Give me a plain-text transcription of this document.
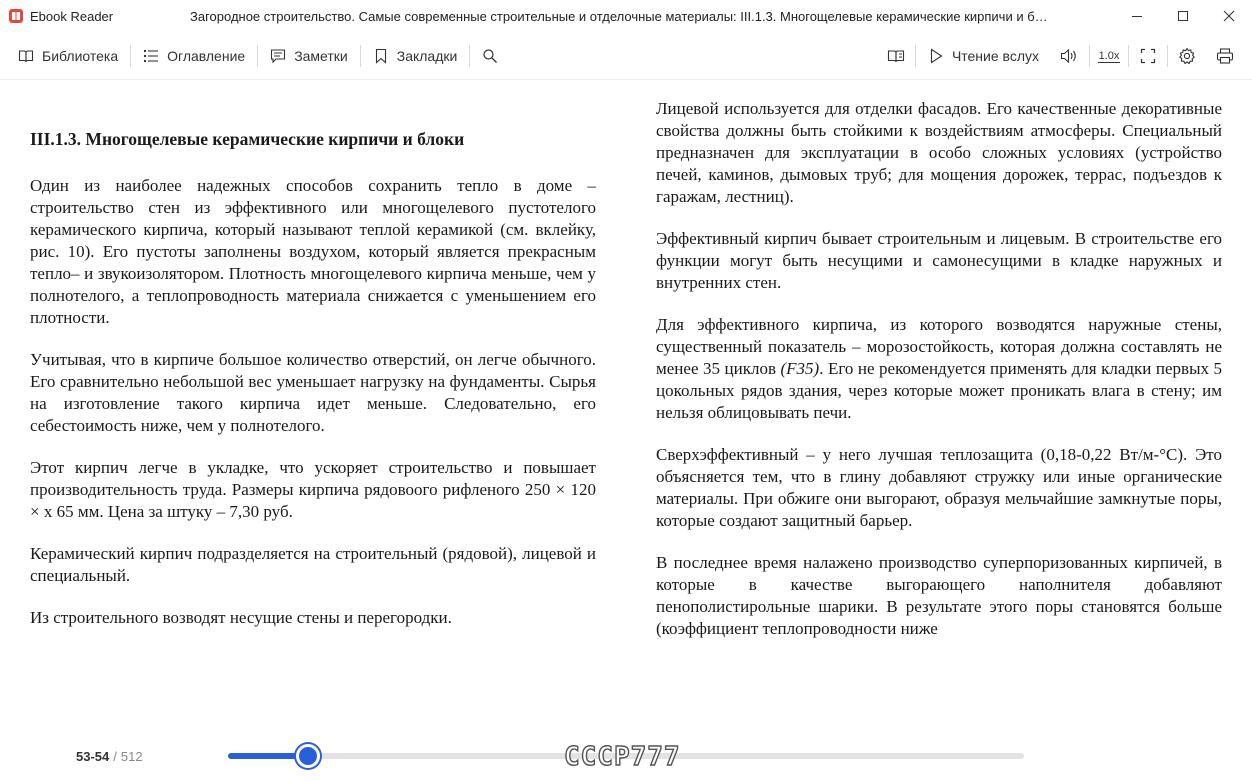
Ebook Reader	Загородное строительство. Самые современные строительные и отделочные материалы: III.1.3. Многощелевые керамические кирпичи и б…
Библиотека	Оглавление	Заметки	Закладки	Чтение вслух	1.0x
III.1.3. Многощелевые керамические кирпичи и блоки

Один из наиболее надежных способов сохранить тепло в доме – строительство стен из эффективного или многощелевого пустотелого керамического кирпича, который называют теплой керамикой (см. вклейку, рис. 10). Его пустоты заполнены воздухом, который является прекрасным тепло– и звукоизолятором. Плотность многощелевого кирпича меньше, чем у полнотелого, а теплопроводность материала снижается с уменьшением его плотности.

Учитывая, что в кирпиче большое количество отверстий, он легче обычного. Его сравнительно небольшой вес уменьшает нагрузку на фундаменты. Сырья на изготовление такого кирпича идет меньше. Следовательно, его себестоимость ниже, чем у полнотелого.

Этот кирпич легче в укладке, что ускоряет строительство и повышает производительность труда. Размеры кирпича рядовоого рифленого 250 × 120 × х 65 мм. Цена за штуку – 7,30 руб.

Керамический кирпич подразделяется на строительный (рядовой), лицевой и специальный.

Из строительного возводят несущие стены и перегородки.

Лицевой используется для отделки фасадов. Его качественные декоративные свойства должны быть стойкими к воздействиям атмосферы. Специальный предназначен для эксплуатации в особо сложных условиях (устройство печей, каминов, дымовых труб; для мощения дорожек, террас, подъездов к гаражам, лестниц).

Эффективный кирпич бывает строительным и лицевым. В строительстве его функции могут быть несущими и самонесущими в кладке наружных и внутренних стен.

Для эффективного кирпича, из которого возводятся наружные стены, существенный показатель – морозостойкость, которая должна составлять не менее 35 циклов (F35). Его не рекомендуется применять для кладки первых 5 цокольных рядов здания, через которые может проникать влага в стену; им нельзя облицовывать печи.

Сверхэффективный – у него лучшая теплозащита (0,18-0,22 Вт/м-°С). Это объясняется тем, что в глину добавляют стружку или иные органические материалы. При обжиге они выгорают, образуя мельчайшие замкнутые поры, которые создают защитный барьер.

В последнее время налажено производство суперпоризованных кирпичей, в которые в качестве выгорающего наполнителя добавляют пенополистирольные шарики. В результате этого поры становятся больше (коэффициент теплопроводности ниже

53-54 / 512	СССР777
